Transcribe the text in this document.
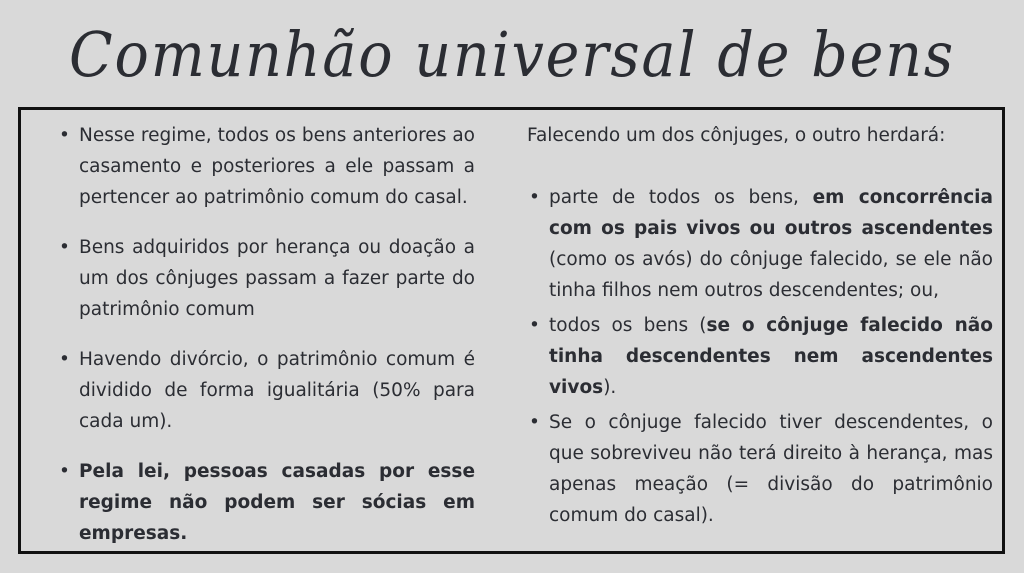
Comunhão universal de bens
• Nesse regime, todos os bens anteriores ao casamento e posteriores a ele passam a pertencer ao patrimônio comum do casal.
• Bens adquiridos por herança ou doação a um dos cônjuges passam a fazer parte do patrimônio comum
• Havendo divórcio, o patrimônio comum é dividido de forma igualitária (50% para cada um).
• Pela lei, pessoas casadas por esse regime não podem ser sócias em empresas.

Falecendo um dos cônjuges, o outro herdará:

• parte de todos os bens, em concorrência com os pais vivos ou outros ascendentes (como os avós) do cônjuge falecido, se ele não tinha filhos nem outros descendentes; ou,
• todos os bens (se o cônjuge falecido não tinha descendentes nem ascendentes vivos).
• Se o cônjuge falecido tiver descendentes, o que sobreviveu não terá direito à herança, mas apenas meação (= divisão do patrimônio comum do casal).
